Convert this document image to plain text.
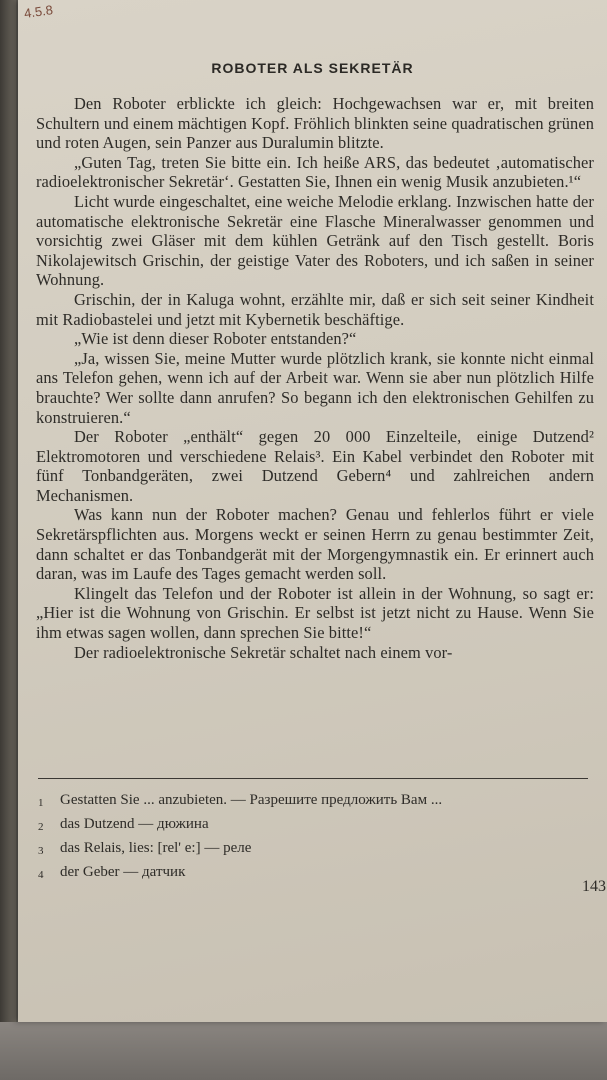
4.5.8
ROBOTER ALS SEKRETÄR

Den Roboter erblickte ich gleich: Hochgewachsen war er, mit breiten Schultern und einem mächtigen Kopf. Fröhlich blinkten seine quadratischen grünen und roten Augen, sein Panzer aus Duralumin blitzte.

„Guten Tag, treten Sie bitte ein. Ich heiße ARS, das bedeutet ‚automatischer radioelektronischer Sekretär‘. Gestatten Sie, Ihnen ein wenig Musik anzubieten.¹“

Licht wurde eingeschaltet, eine weiche Melodie erklang. Inzwischen hatte der automatische elektronische Sekretär eine Flasche Mineralwasser genommen und vorsichtig zwei Gläser mit dem kühlen Getränk auf den Tisch gestellt. Boris Nikolajewitsch Grischin, der geistige Vater des Roboters, und ich saßen in seiner Wohnung.

Grischin, der in Kaluga wohnt, erzählte mir, daß er sich seit seiner Kindheit mit Radiobastelei und jetzt mit Kybernetik beschäftige.

„Wie ist denn dieser Roboter entstanden?“

„Ja, wissen Sie, meine Mutter wurde plötzlich krank, sie konnte nicht einmal ans Telefon gehen, wenn ich auf der Arbeit war. Wenn sie aber nun plötzlich Hilfe brauchte? Wer sollte dann anrufen? So begann ich den elektronischen Gehilfen zu konstruieren.“

Der Roboter „enthält“ gegen 20 000 Einzelteile, einige Dutzend² Elektromotoren und verschiedene Relais³. Ein Kabel verbindet den Roboter mit fünf Tonbandgeräten, zwei Dutzend Gebern⁴ und zahlreichen andern Mechanismen.

Was kann nun der Roboter machen? Genau und fehlerlos führt er viele Sekretärspflichten aus. Morgens weckt er seinen Herrn zu genau bestimmter Zeit, dann schaltet er das Tonbandgerät mit der Morgengymnastik ein. Er erinnert auch daran, was im Laufe des Tages gemacht werden soll.

Klingelt das Telefon und der Roboter ist allein in der Wohnung, so sagt er: „Hier ist die Wohnung von Grischin. Er selbst ist jetzt nicht zu Hause. Wenn Sie ihm etwas sagen wollen, dann sprechen Sie bitte!“

Der radioelektronische Sekretär schaltet nach einem vor-

1	Gestatten Sie ... anzubieten. — Разрешите предложить Вам ...
2	das Dutzend — дюжина
3	das Relais, lies: [rel' e:] — реле
4	der Geber — датчик
143
